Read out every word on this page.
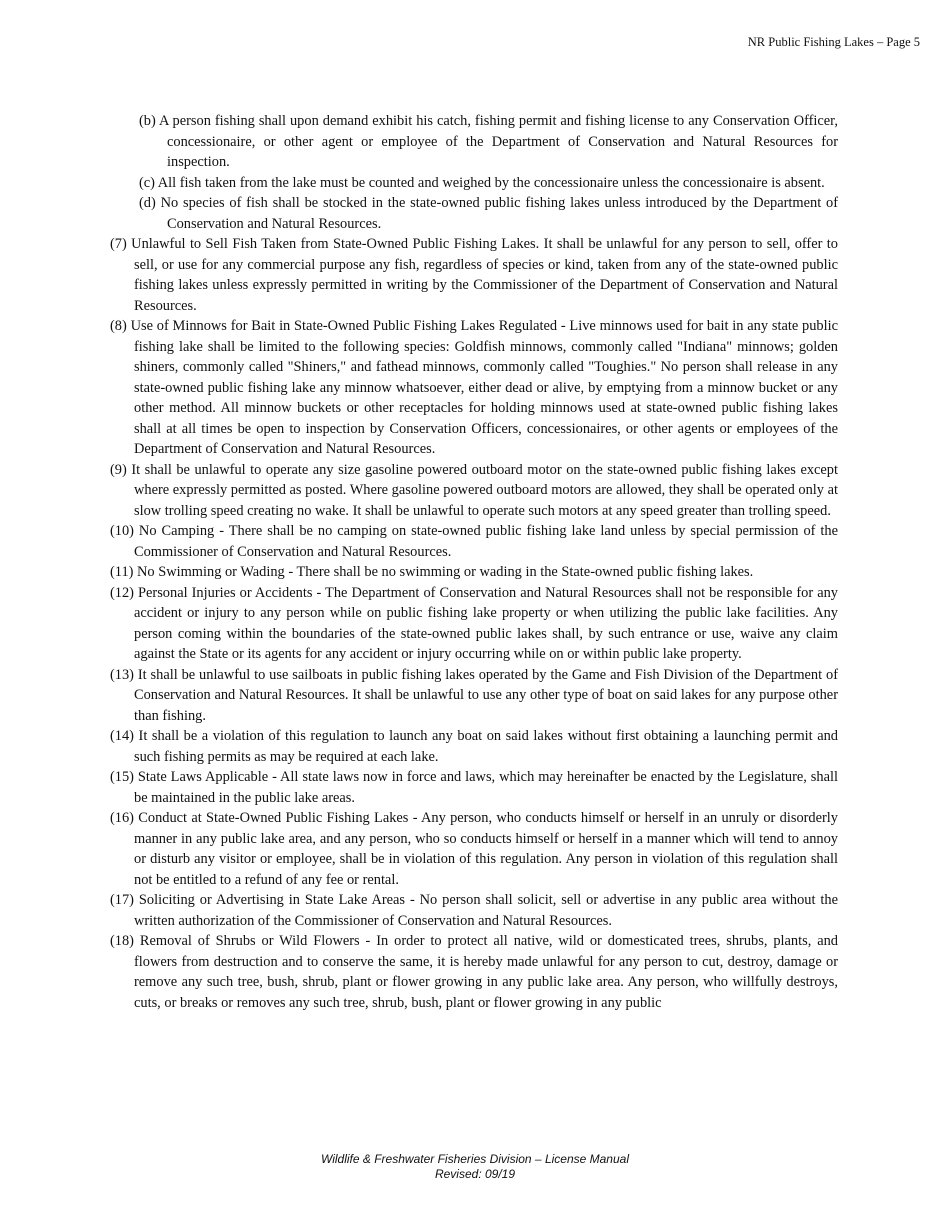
NR Public Fishing Lakes – Page 5

(b) A person fishing shall upon demand exhibit his catch, fishing permit and fishing license to any Conservation Officer, concessionaire, or other agent or employee of the Department of Conservation and Natural Resources for inspection.

(c) All fish taken from the lake must be counted and weighed by the concessionaire unless the concessionaire is absent.

(d) No species of fish shall be stocked in the state-owned public fishing lakes unless introduced by the Department of Conservation and Natural Resources.

(7) Unlawful to Sell Fish Taken from State-Owned Public Fishing Lakes. It shall be unlawful for any person to sell, offer to sell, or use for any commercial purpose any fish, regardless of species or kind, taken from any of the state-owned public fishing lakes unless expressly permitted in writing by the Commissioner of the Department of Conservation and Natural Resources.

(8) Use of Minnows for Bait in State-Owned Public Fishing Lakes Regulated - Live minnows used for bait in any state public fishing lake shall be limited to the following species: Goldfish minnows, commonly called "Indiana" minnows; golden shiners, commonly called "Shiners," and fathead minnows, commonly called "Toughies." No person shall release in any state-owned public fishing lake any minnow whatsoever, either dead or alive, by emptying from a minnow bucket or any other method. All minnow buckets or other receptacles for holding minnows used at state-owned public fishing lakes shall at all times be open to inspection by Conservation Officers, concessionaires, or other agents or employees of the Department of Conservation and Natural Resources.

(9) It shall be unlawful to operate any size gasoline powered outboard motor on the state-owned public fishing lakes except where expressly permitted as posted. Where gasoline powered outboard motors are allowed, they shall be operated only at slow trolling speed creating no wake. It shall be unlawful to operate such motors at any speed greater than trolling speed.

(10) No Camping - There shall be no camping on state-owned public fishing lake land unless by special permission of the Commissioner of Conservation and Natural Resources.

(11) No Swimming or Wading - There shall be no swimming or wading in the State-owned public fishing lakes.

(12) Personal Injuries or Accidents - The Department of Conservation and Natural Resources shall not be responsible for any accident or injury to any person while on public fishing lake property or when utilizing the public lake facilities. Any person coming within the boundaries of the state-owned public lakes shall, by such entrance or use, waive any claim against the State or its agents for any accident or injury occurring while on or within public lake property.

(13) It shall be unlawful to use sailboats in public fishing lakes operated by the Game and Fish Division of the Department of Conservation and Natural Resources. It shall be unlawful to use any other type of boat on said lakes for any purpose other than fishing.

(14) It shall be a violation of this regulation to launch any boat on said lakes without first obtaining a launching permit and such fishing permits as may be required at each lake.

(15) State Laws Applicable - All state laws now in force and laws, which may hereinafter be enacted by the Legislature, shall be maintained in the public lake areas.

(16) Conduct at State-Owned Public Fishing Lakes - Any person, who conducts himself or herself in an unruly or disorderly manner in any public lake area, and any person, who so conducts himself or herself in a manner which will tend to annoy or disturb any visitor or employee, shall be in violation of this regulation. Any person in violation of this regulation shall not be entitled to a refund of any fee or rental.

(17) Soliciting or Advertising in State Lake Areas - No person shall solicit, sell or advertise in any public area without the written authorization of the Commissioner of Conservation and Natural Resources.

(18) Removal of Shrubs or Wild Flowers - In order to protect all native, wild or domesticated trees, shrubs, plants, and flowers from destruction and to conserve the same, it is hereby made unlawful for any person to cut, destroy, damage or remove any such tree, bush, shrub, plant or flower growing in any public lake area. Any person, who willfully destroys, cuts, or breaks or removes any such tree, shrub, bush, plant or flower growing in any public

Wildlife & Freshwater Fisheries Division – License Manual
Revised: 09/19
